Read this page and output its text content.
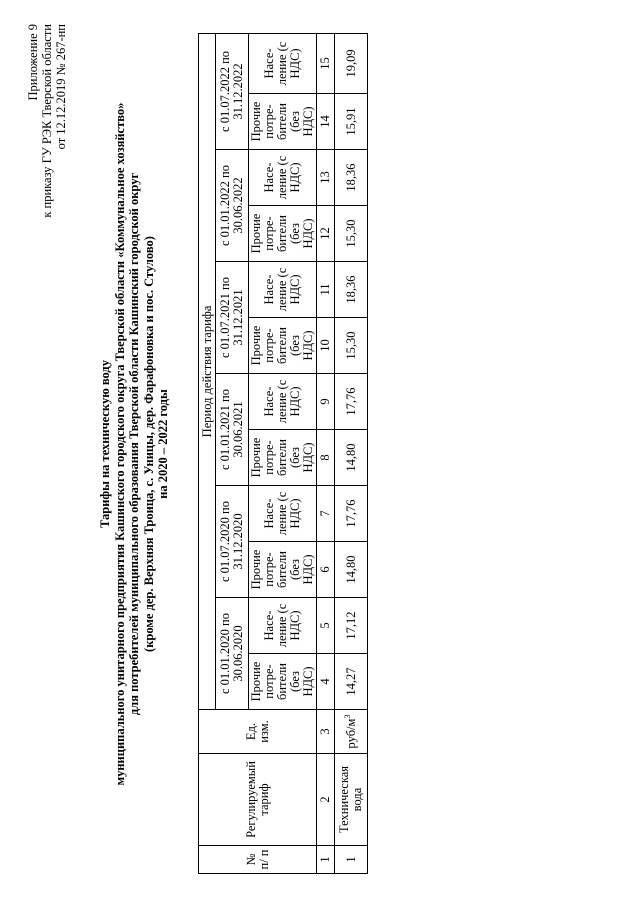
Приложение 9 к приказу ГУ РЭК Тверской области от 12.12.2019 № 267-нп
Тарифы на техническую воду муниципального унитарного предприятия Кашинского городского округа Тверской области «Коммунальное хозяйство» для потребителей муниципального образования Тверской области Кашинский городской округ (кроме дер. Верхняя Троица, с. Уницы, дер. Фарафоновка и пос. Стулово) на 2020 – 2022 годы
№ п/ п	Регулируемый тариф	Ед. изм.	Период действия тарифа											
			с 01.01.2020 по 30.06.2020		с 01.07.2020 по 31.12.2020		с 01.01.2021 по 30.06.2021		с 01.07.2021 по 31.12.2021		с 01.01.2022 по 30.06.2022		с 01.07.2022 по 31.12.2022	
			Прочие потре- бители (без НДС)	Насе- ление (с НДС)	Прочие потре- бители (без НДС)	Насе- ление (с НДС)	Прочие потре- бители (без НДС)	Насе- ление (с НДС)	Прочие потре- бители (без НДС)	Насе- ление (с НДС)	Прочие потре- бители (без НДС)	Насе- ление (с НДС)	Прочие потре- бители (без НДС)	Насе- ление (с НДС)
1	2	3	4	5	6	7	8	9	10	11	12	13	14	15
1	Техническая вода	руб/$м^3$	14,27	17,12	14,80	17,76	14,80	17,76	15,30	18,36	15,30	18,36	15,91	19,09
